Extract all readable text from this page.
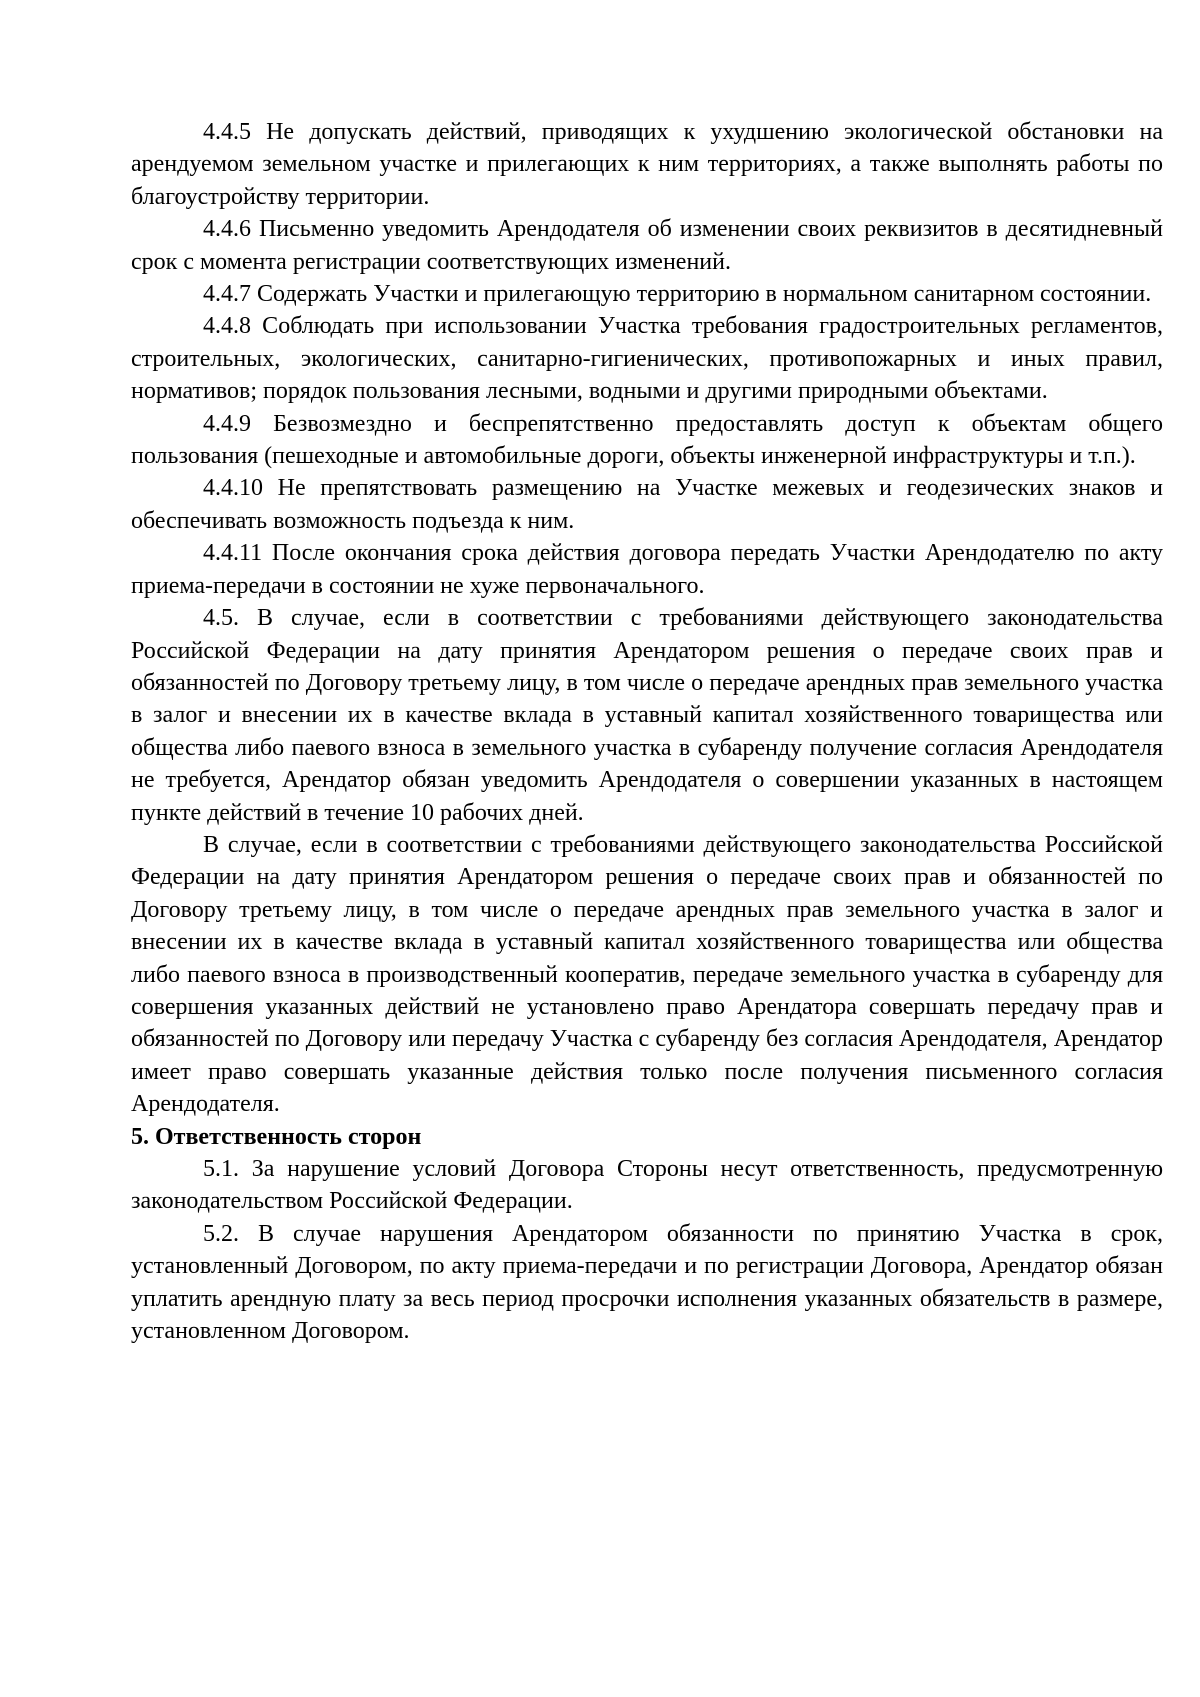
4.4.5 Не допускать действий, приводящих к ухудшению экологической обстановки на арендуемом земельном участке и прилегающих к ним территориях, а также выполнять работы по благоустройству территории.

4.4.6 Письменно уведомить Арендодателя об изменении своих реквизитов в десятидневный срок с момента регистрации соответствующих изменений.

4.4.7 Содержать Участки и прилегающую территорию в нормальном санитарном состоянии.

4.4.8 Соблюдать при использовании Участка требования градостроительных регламентов, строительных, экологических, санитарно-гигиенических, противопожарных и иных правил, нормативов; порядок пользования лесными, водными и другими природными объектами.

4.4.9 Безвозмездно и беспрепятственно предоставлять доступ к объектам общего пользования (пешеходные и автомобильные дороги, объекты инженерной инфраструктуры и т.п.).

4.4.10 Не препятствовать размещению на Участке межевых и геодезических знаков и обеспечивать возможность подъезда к ним.

4.4.11 После окончания срока действия договора передать Участки Арендодателю по акту приема-передачи в состоянии не хуже первоначального.

4.5. В случае, если в соответствии с требованиями действующего законодательства Российской Федерации на дату принятия Арендатором решения о передаче своих прав и обязанностей по Договору третьему лицу, в том числе о передаче арендных прав земельного участка в залог и внесении их в качестве вклада в уставный капитал хозяйственного товарищества или общества либо паевого взноса в земельного участка в субаренду получение согласия Арендодателя не требуется, Арендатор обязан уведомить Арендодателя о совершении указанных в настоящем пункте действий в течение 10 рабочих дней.

В случае, если в соответствии с требованиями действующего законодательства Российской Федерации на дату принятия Арендатором решения о передаче своих прав и обязанностей по Договору третьему лицу, в том числе о передаче арендных прав земельного участка в залог и внесении их в качестве вклада в уставный капитал хозяйственного товарищества или общества либо паевого взноса в производственный кооператив, передаче земельного участка в субаренду для совершения указанных действий не установлено право Арендатора совершать передачу прав и обязанностей по Договору или передачу Участка с субаренду без согласия Арендодателя, Арендатор имеет право совершать указанные действия только после получения письменного согласия Арендодателя.

5. Ответственность сторон

5.1. За нарушение условий Договора Стороны несут ответственность, предусмотренную законодательством Российской Федерации.

5.2. В случае нарушения Арендатором обязанности по принятию Участка в срок, установленный Договором, по акту приема-передачи и по регистрации Договора, Арендатор обязан уплатить арендную плату за весь период просрочки исполнения указанных обязательств в размере, установленном Договором.
